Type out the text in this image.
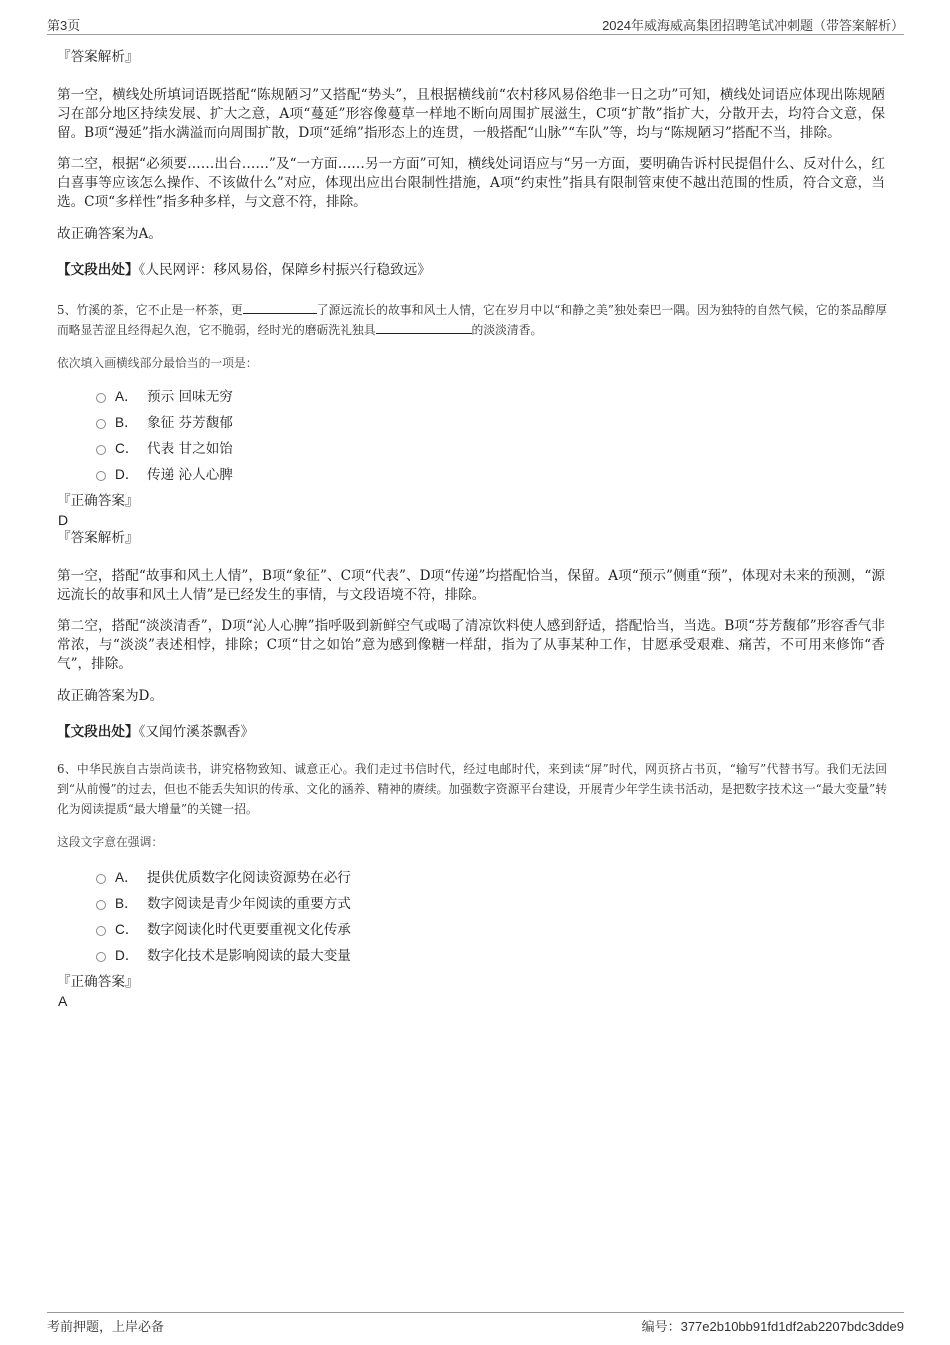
第3页	2024年威海威高集团招聘笔试冲刺题（带答案解析）

『答案解析』

第一空，横线处所填词语既搭配“陈规陋习”又搭配“势头”，且根据横线前“农村移风易俗绝非一日之功”可知，横线处词语应体现出陈规陋习在部分地区持续发展、扩大之意，A项“蔓延”形容像蔓草一样地不断向周围扩展滋生，C项“扩散”指扩大，分散开去，均符合文意，保留。B项“漫延”指水满溢而向周围扩散，D项“延绵”指形态上的连贯，一般搭配“山脉”“车队”等，均与“陈规陋习”搭配不当，排除。

第二空，根据“必须要……出台……”及“一方面……另一方面”可知，横线处词语应与“另一方面，要明确告诉村民提倡什么、反对什么，红白喜事等应该怎么操作、不该做什么”对应，体现出应出台限制性措施，A项“约束性”指具有限制管束使不越出范围的性质，符合文意，当选。C项“多样性”指多种多样，与文意不符，排除。

故正确答案为A。

【文段出处】《人民网评：移风易俗，保障乡村振兴行稳致远》

5、竹溪的茶，它不止是一杯茶，更	了源远流长的故事和风土人情，它在岁月中以“和静之美”独处秦巴一隅。因为独特的自然气候，它的茶品醇厚而略显苦涩且经得起久泡，它不脆弱，经时光的磨砺洗礼独具	的淡淡清香。

依次填入画横线部分最恰当的一项是：

A． 预示 回味无穷
B． 象征 芬芳馥郁
C． 代表 甘之如饴
D． 传递 沁人心脾

『正确答案』

D

『答案解析』

第一空，搭配“故事和风土人情”，B项“象征”、C项“代表”、D项“传递”均搭配恰当，保留。A项“预示”侧重“预”，体现对未来的预测，“源远流长的故事和风土人情”是已经发生的事情，与文段语境不符，排除。

第二空，搭配“淡淡清香”，D项“沁人心脾”指呼吸到新鲜空气或喝了清凉饮料使人感到舒适，搭配恰当，当选。B项“芬芳馥郁”形容香气非常浓，与“淡淡”表述相悖，排除；C项“甘之如饴”意为感到像糖一样甜，指为了从事某种工作，甘愿承受艰难、痛苦，不可用来修饰“香气”，排除。

故正确答案为D。

【文段出处】《又闻竹溪茶飘香》

6、中华民族自古崇尚读书，讲究格物致知、诚意正心。我们走过书信时代，经过电邮时代，来到读“屏”时代，网页挤占书页，“输写”代替书写。我们无法回到“从前慢”的过去，但也不能丢失知识的传承、文化的涵养、精神的赓续。加强数字资源平台建设，开展青少年学生读书活动，是把数字技术这一“最大变量”转化为阅读提质“最大增量”的关键一招。

这段文字意在强调：

A． 提供优质数字化阅读资源势在必行
B． 数字阅读是青少年阅读的重要方式
C． 数字阅读化时代更要重视文化传承
D． 数字化技术是影响阅读的最大变量

『正确答案』

A

考前押题，上岸必备	编号：377e2b10bb91fd1df2ab2207bdc3dde9
